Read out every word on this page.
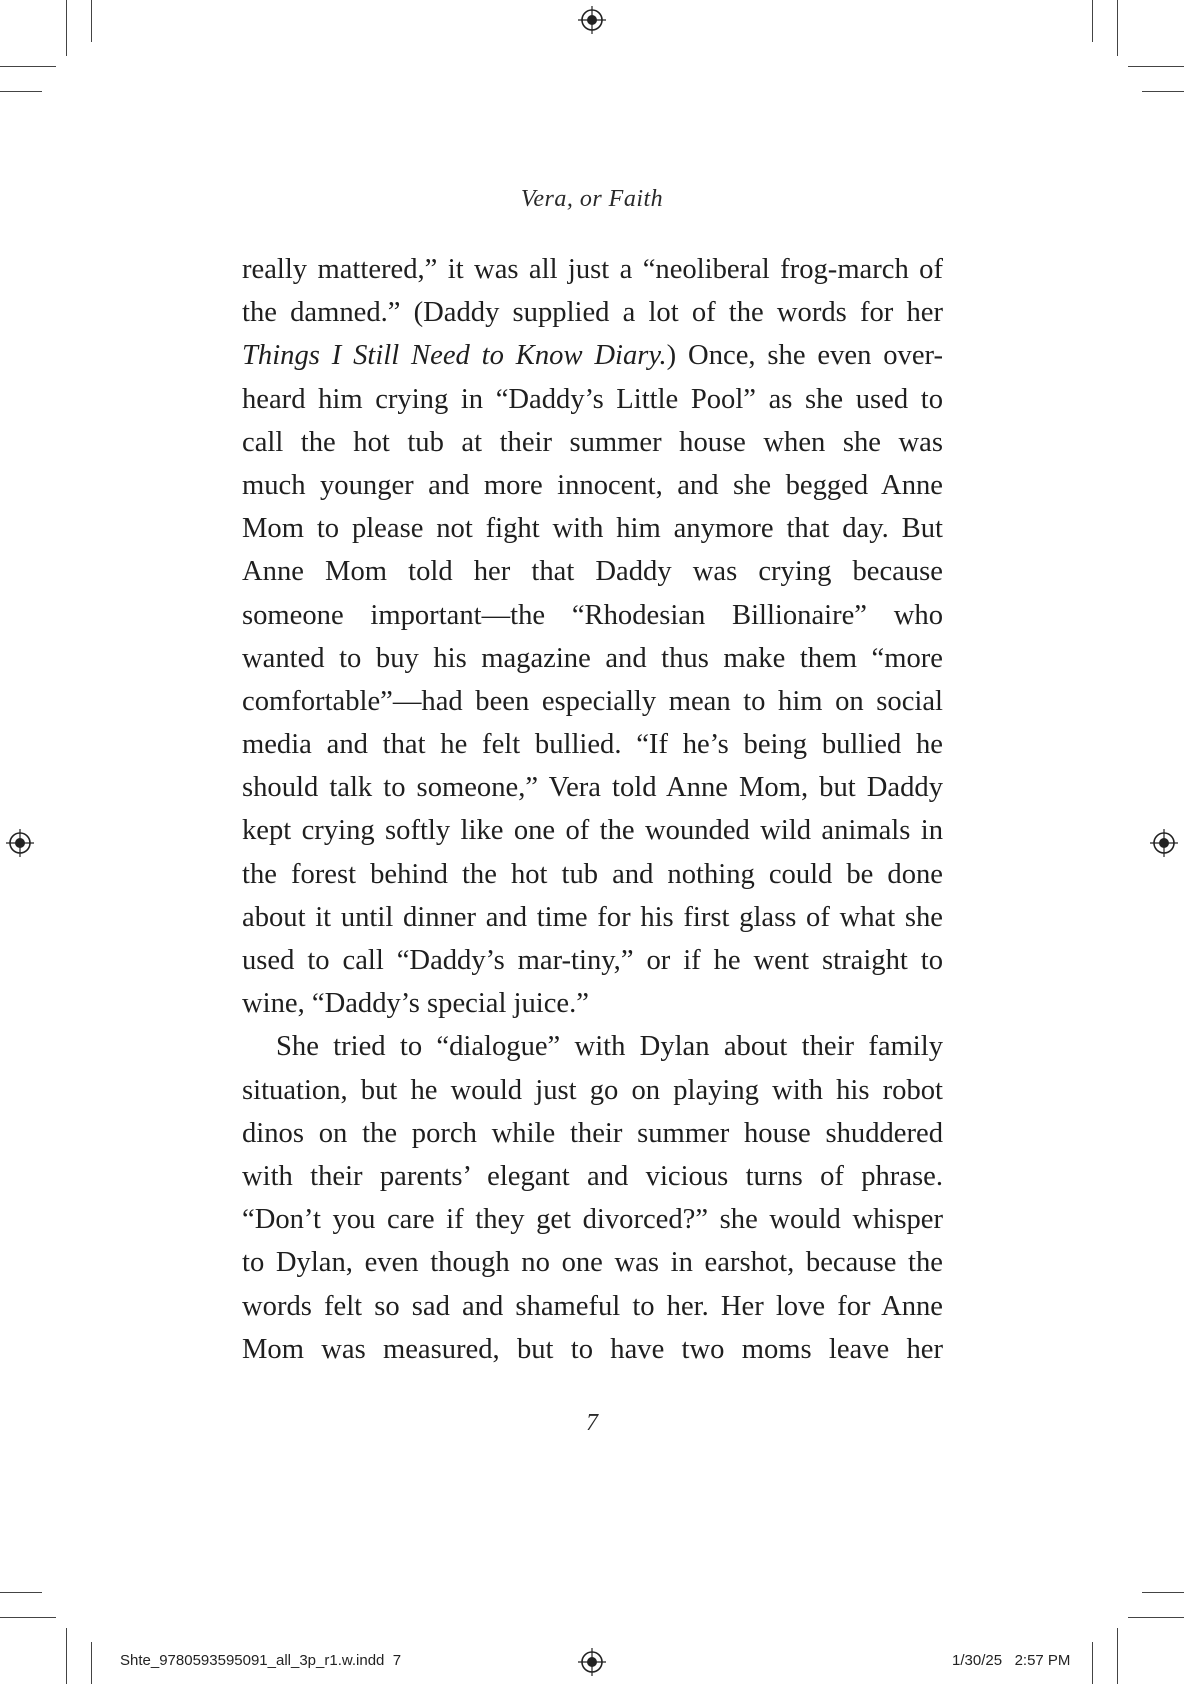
Vera, or Faith
really mattered,” it was all just a “neoliberal frog-march of
the damned.” (Daddy supplied a lot of the words for her
Things I Still Need to Know Diary.) Once, she even over-
heard him crying in “Daddy’s Little Pool” as she used to
call the hot tub at their summer house when she was
much younger and more innocent, and she begged Anne
Mom to please not fight with him anymore that day. But
Anne Mom told her that Daddy was crying because
someone important—the “Rhodesian Billionaire” who
wanted to buy his magazine and thus make them “more
comfortable”—had been especially mean to him on social
media and that he felt bullied. “If he’s being bullied he
should talk to someone,” Vera told Anne Mom, but Daddy
kept crying softly like one of the wounded wild animals in
the forest behind the hot tub and nothing could be done
about it until dinner and time for his first glass of what she
used to call “Daddy’s mar-tiny,” or if he went straight to
wine, “Daddy’s special juice.”
She tried to “dialogue” with Dylan about their family
situation, but he would just go on playing with his robot
dinos on the porch while their summer house shuddered
with their parents’ elegant and vicious turns of phrase.
“Don’t you care if they get divorced?” she would whisper
to Dylan, even though no one was in earshot, because the
words felt so sad and shameful to her. Her love for Anne
Mom was measured, but to have two moms leave her
7
Shte_9780593595091_all_3p_r1.w.indd 7	1/30/25 2:57 PM
